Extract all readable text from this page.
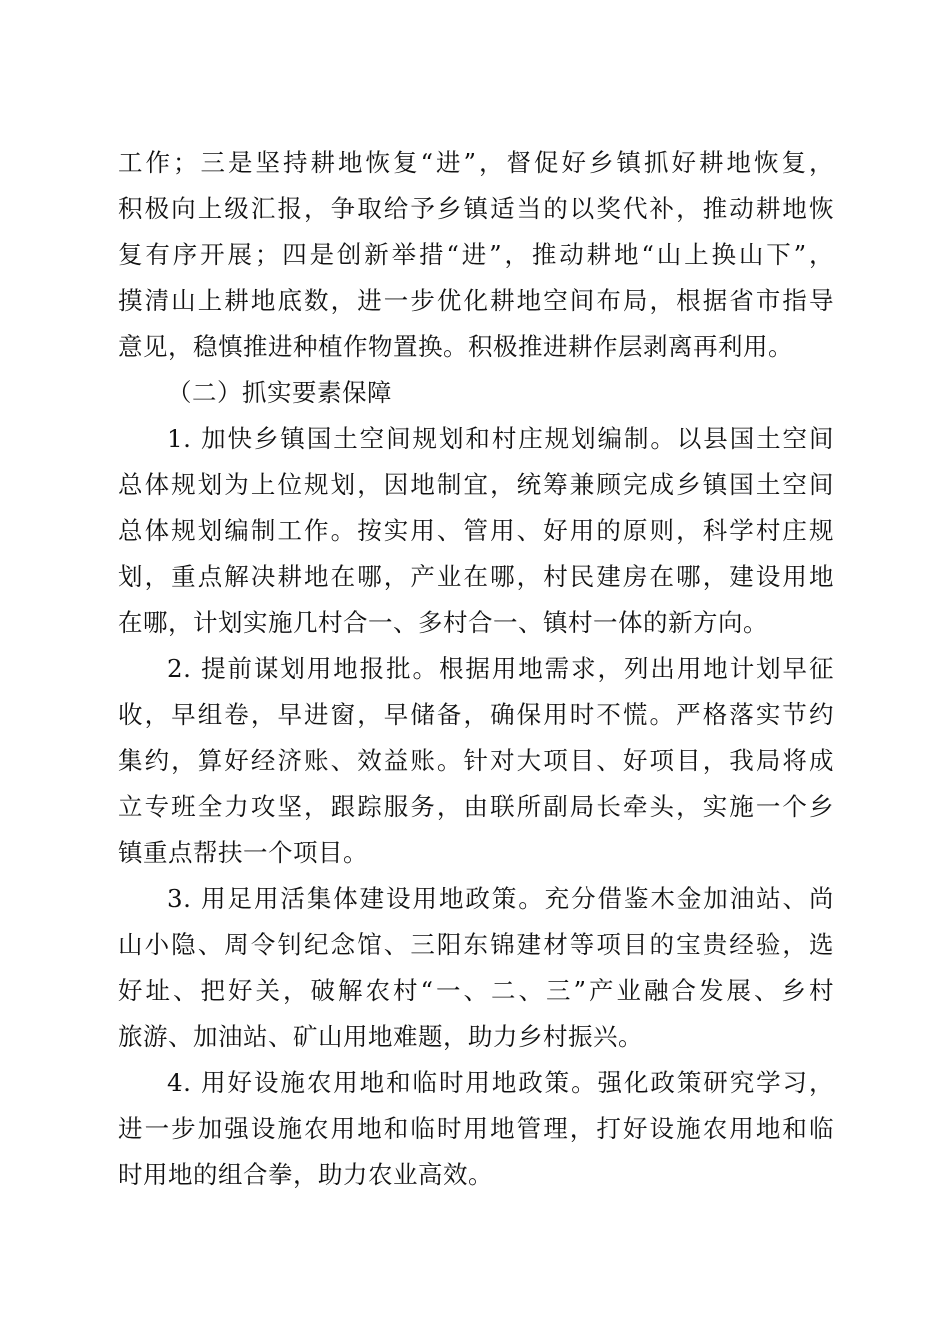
工作；三是坚持耕地恢复“进”，督促好乡镇抓好耕地恢复，
积极向上级汇报，争取给予乡镇适当的以奖代补，推动耕地恢
复有序开展；四是创新举措“进”，推动耕地“山上换山下”，
摸清山上耕地底数，进一步优化耕地空间布局，根据省市指导
意见，稳慎推进种植作物置换。积极推进耕作层剥离再利用。
（二）抓实要素保障
1. 加快乡镇国土空间规划和村庄规划编制。以县国土空间
总体规划为上位规划，因地制宜，统筹兼顾完成乡镇国土空间
总体规划编制工作。按实用、管用、好用的原则，科学村庄规
划，重点解决耕地在哪，产业在哪，村民建房在哪，建设用地
在哪，计划实施几村合一、多村合一、镇村一体的新方向。
2. 提前谋划用地报批。根据用地需求，列出用地计划早征
收，早组卷，早进窗，早储备，确保用时不慌。严格落实节约
集约，算好经济账、效益账。针对大项目、好项目，我局将成
立专班全力攻坚，跟踪服务，由联所副局长牵头，实施一个乡
镇重点帮扶一个项目。
3. 用足用活集体建设用地政策。充分借鉴木金加油站、尚
山小隐、周令钊纪念馆、三阳东锦建材等项目的宝贵经验，选
好址、把好关，破解农村“一、二、三”产业融合发展、乡村
旅游、加油站、矿山用地难题，助力乡村振兴。
4. 用好设施农用地和临时用地政策。强化政策研究学习，
进一步加强设施农用地和临时用地管理，打好设施农用地和临
时用地的组合拳，助力农业高效。
